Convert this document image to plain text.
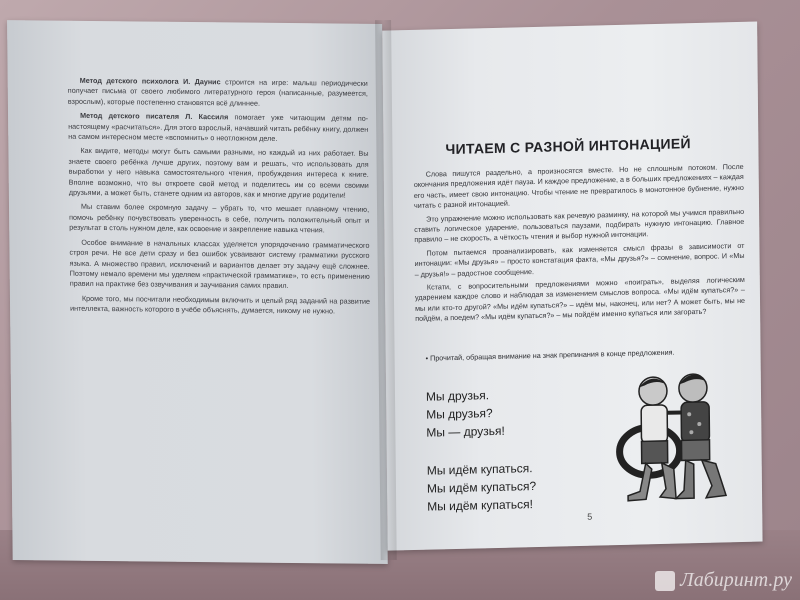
Метод детского психолога И. Даунис строится на игре: малыш периодически получает письма от своего любимого литературного героя (написанные, разумеется, взрослым), которые постепенно становятся всё длиннее.

Метод детского писателя Л. Кассиля помогает уже читающим детям по-настоящему «расчитаться». Для этого взрослый, начавший читать ребёнку книгу, должен на самом интересном месте «вспомнить» о неотложном деле.

Как видите, методы могут быть самыми разными, но каждый из них работает. Вы знаете своего ребёнка лучше других, поэтому вам и решать, что использовать для выработки у него навыка самостоятельного чтения, пробуждения интереса к книге. Вполне возможно, что вы откроете свой метод и поделитесь им со всеми своими друзьями, а может быть, станете одним из авторов, как и многие другие родители!

Мы ставим более скромную задачу – убрать то, что мешает плавному чтению, помочь ребёнку почувствовать уверенность в себе, получить положительный опыт и результат в столь нужном деле, как освоение и закрепление навыка чтения.

Особое внимание в начальных классах уделяется упорядочению грамматического строя речи. Не все дети сразу и без ошибок усваивают систему грамматики русского языка. А множество правил, исключений и вариантов делает эту задачу ещё сложнее. Поэтому немало времени мы уделяем «практической грамматике», то есть применению правил на практике без озвучивания и заучивания самих правил.

Кроме того, мы посчитали необходимым включить и целый ряд заданий на развитие интеллекта, важность которого в учёбе объяснять, думается, никому не нужно.

ЧИТАЕМ С РАЗНОЙ ИНТОНАЦИЕЙ

Слова пишутся раздельно, а произносятся вместе. Но не сплошным потоком. После окончания предложения идёт пауза. И каждое предложение, а в больших предложениях – каждая его часть, имеет свою интонацию. Чтобы чтение не превратилось в монотонное бубнение, нужно читать с разной интонацией.

Это упражнение можно использовать как речевую разминку, на которой мы учимся правильно ставить логическое ударение, пользоваться паузами, подбирать нужную интонацию. Главное правило – не скорость, а чёткость чтения и выбор нужной интонации.

Потом пытаемся проанализировать, как изменяется смысл фразы в зависимости от интонации: «Мы друзья» – просто констатация факта, «Мы друзья?» – сомнение, вопрос. И «Мы – друзья!» – радостное сообщение.

Кстати, с вопросительными предложениями можно «поиграть», выделяя логическим ударением каждое слово и наблюдая за изменением смыслов вопроса. «Мы идём купаться?» – мы или кто-то другой? «Мы идём купаться?» – идём мы, наконец, или нет? А может быть, мы не пойдём, а поедем? «Мы идём купаться?» – мы пойдём именно купаться или загорать?

• Прочитай, обращая внимание на знак препинания в конце предложения.
Мы друзья.
Мы друзья?
Мы — друзья!
Мы идём купаться.
Мы идём купаться?
Мы идём купаться!
5
Лабиринт.ру
